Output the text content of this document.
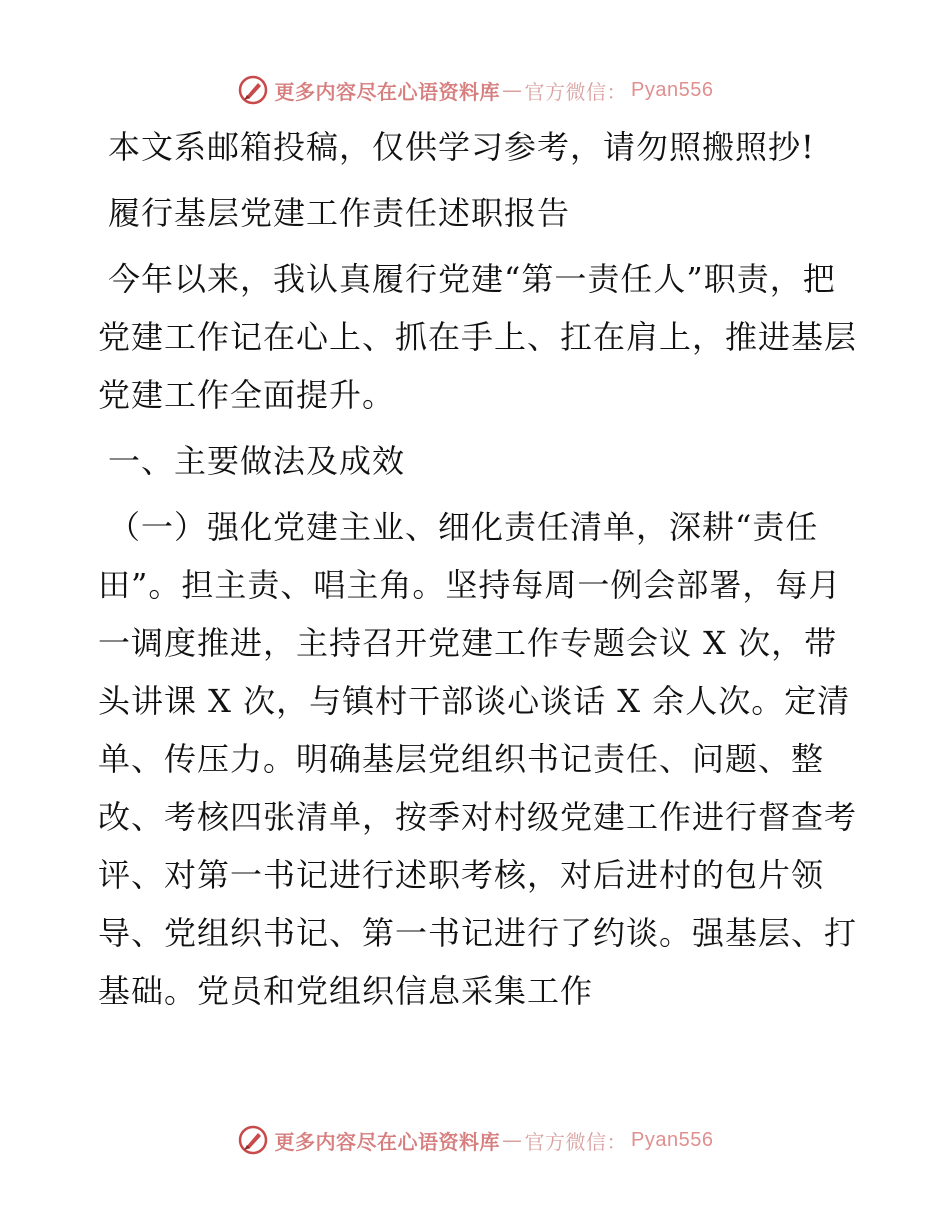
更多内容尽在心语资料库 — 官方微信： Pyan556

本文系邮箱投稿，仅供学习参考，请勿照搬照抄!

履行基层党建工作责任述职报告

今年以来，我认真履行党建“第一责任人”职责，把党建工作记在心上、抓在手上、扛在肩上，推进基层党建工作全面提升。

一、主要做法及成效

（一）强化党建主业、细化责任清单，深耕“责任田”。担主责、唱主角。坚持每周一例会部署，每月一调度推进，主持召开党建工作专题会议 X 次，带头讲课 X 次，与镇村干部谈心谈话 X 余人次。定清单、传压力。明确基层党组织书记责任、问题、整改、考核四张清单，按季对村级党建工作进行督查考评、对第一书记进行述职考核，对后进村的包片领导、党组织书记、第一书记进行了约谈。强基层、打基础。党员和党组织信息采集工作

更多内容尽在心语资料库 — 官方微信： Pyan556
